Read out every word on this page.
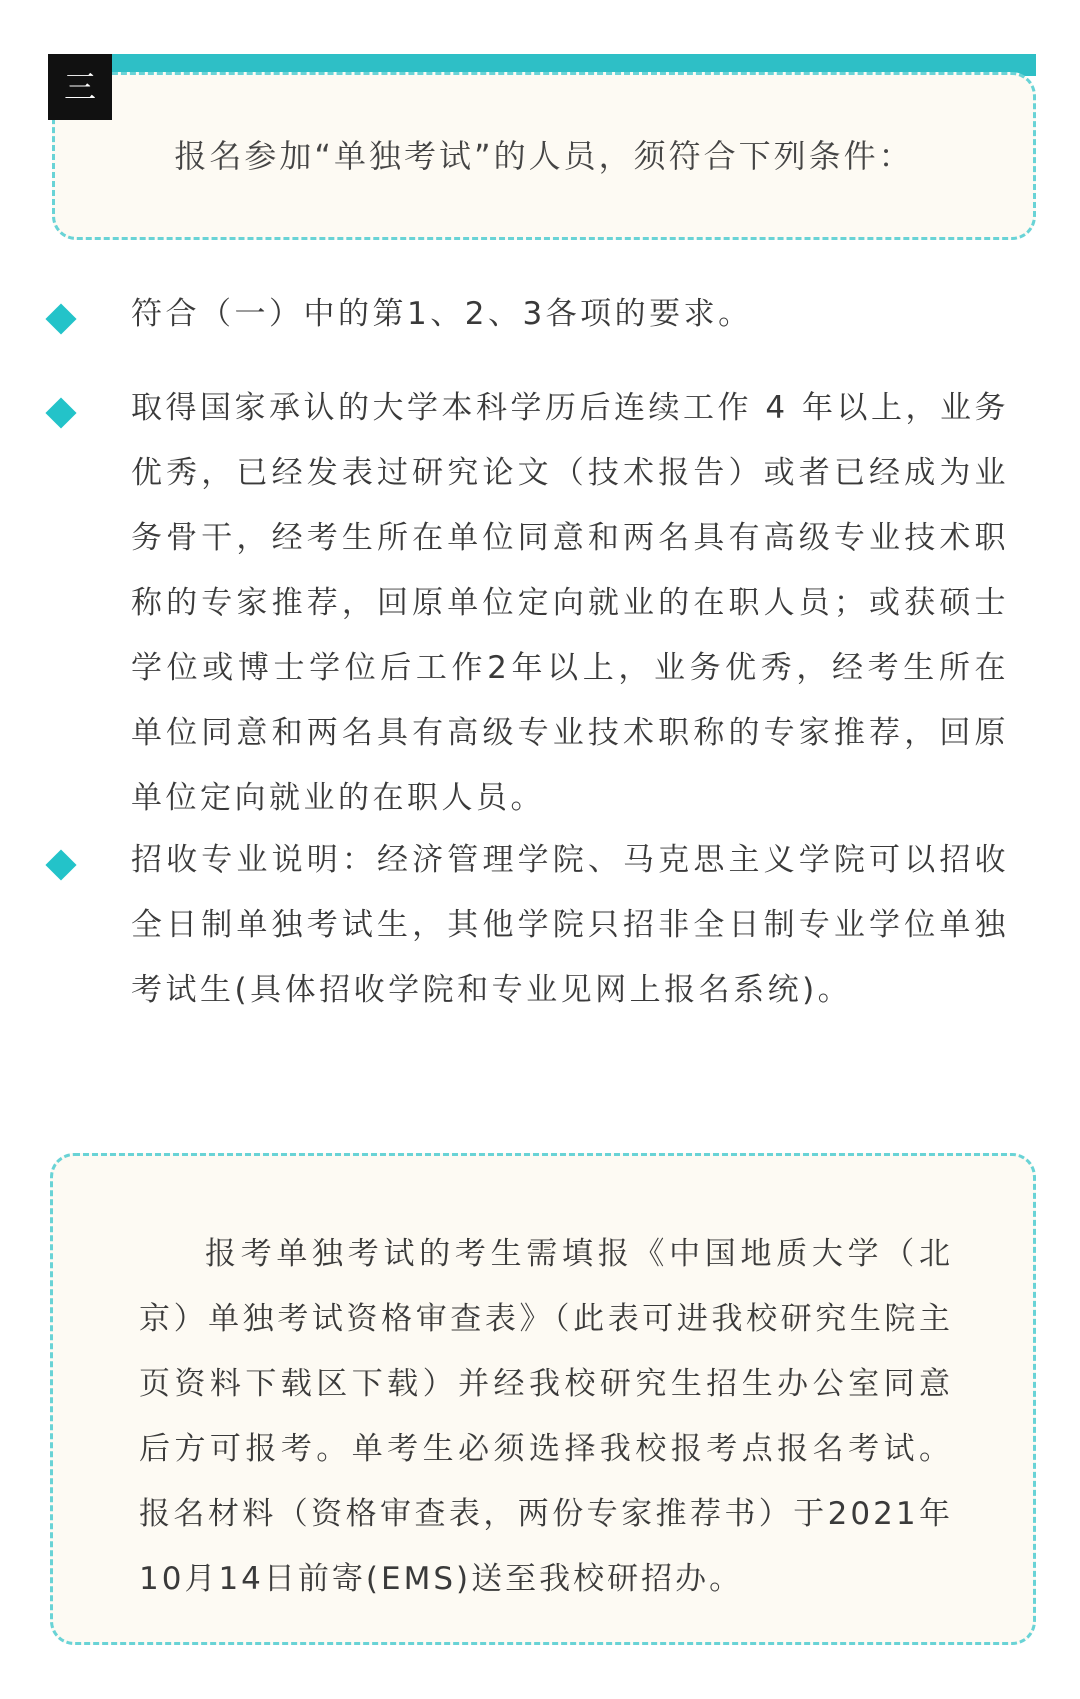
三
报名参加“单独考试”的人员，须符合下列条件：
符合（一）中的第1、2、3各项的要求。
取得国家承认的大学本科学历后连续工作 4 年以上，业务优秀，已经发表过研究论文（技术报告）或者已经成为业务骨干，经考生所在单位同意和两名具有高级专业技术职称的专家推荐，回原单位定向就业的在职人员；或获硕士学位或博士学位后工作2年以上，业务优秀，经考生所在单位同意和两名具有高级专业技术职称的专家推荐，回原单位定向就业的在职人员。
招收专业说明：经济管理学院、马克思主义学院可以招收全日制单独考试生，其他学院只招非全日制专业学位单独考试生(具体招收学院和专业见网上报名系统)。
报考单独考试的考生需填报《中国地质大学（北京）单独考试资格审查表》（此表可进我校研究生院主页资料下载区下载）并经我校研究生招生办公室同意后方可报考。单考生必须选择我校报考点报名考试。报名材料（资格审查表，两份专家推荐书）于2021年10月14日前寄(EMS)送至我校研招办。
